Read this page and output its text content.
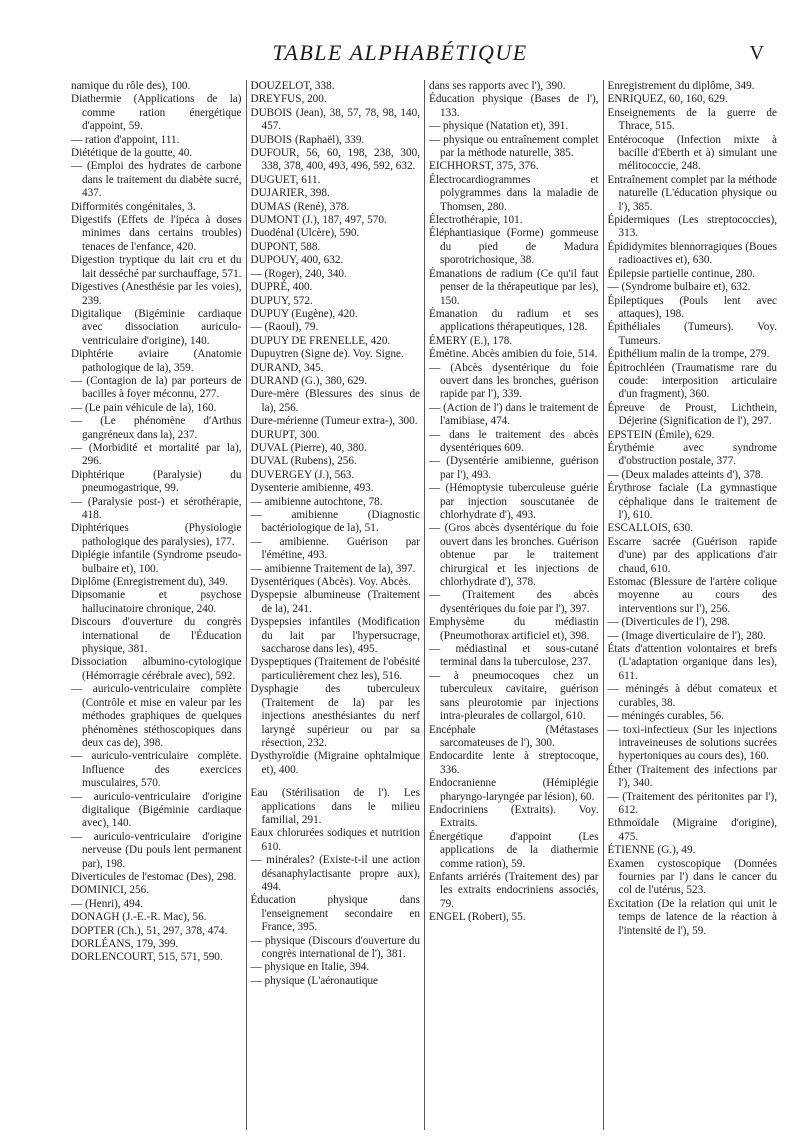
TABLE ALPHABÉTIQUE	V

namique du rôle des), 100.

Diathermie (Applications de la) comme ration énergétique d'appoint, 59.

— ration d'appoint, 111.

Diététique de la goutte, 40.

— (Emploi des hydrates de carbone dans le traitement du diabète sucré, 437.

Difformités congénitales, 3.

Digestifs (Effets de l'ipéca à doses minimes dans certains troubles) tenaces de l'enfance, 420.

Digestion tryptique du lait cru et du lait desséché par surchauffage, 571.

Digestives (Anesthésie par les voies), 239.

Digitalique (Bigéminie cardiaque avec dissociation auriculo-ventriculaire d'origine), 140.

Diphtérie aviaire (Anatomie pathologique de la), 359.

— (Contagion de la) par porteurs de bacilles à foyer méconnu, 277.

— (Le pain véhicule de la), 160.

— (Le phénomène d'Arthus gangréneux dans la), 237.

— (Morbidité et mortalité par la), 296.

Diphtérique (Paralysie) du pneumogastrique, 99.

— (Paralysie post-) et sérothérapie, 418.

Diphtériques (Physiologie pathologique des paralysies), 177.

Diplégie infantile (Syndrome pseudo-bulbaire et), 100.

Diplôme (Enregistrement du), 349.

Dipsomanie et psychose hallucinatoire chronique, 240.

Discours d'ouverture du congrès international de l'Éducation physique, 381.

Dissociation albumino-cytologique (Hémorragie cérébrale avec), 592.

— auriculo-ventriculaire complète (Contrôle et mise en valeur par les méthodes graphiques de quelques phénomènes stéthoscopiques dans deux cas de), 398.

— auriculo-ventriculaire complète. Influence des exercices musculaires, 570.

— auriculo-ventriculaire d'origine digitalique (Bigéminie cardiaque avec), 140.

— auriculo-ventriculaire d'origine nerveuse (Du pouls lent permanent par), 198.

Diverticules de l'estomac (Des), 298.

DOMINICI, 256.

— (Henri), 494.

DONAGH (J.-E.-R. Mac), 56.

DOPTER (Ch.), 51, 297, 378, 474.

DORLÉANS, 179, 399.

DORLENCOURT, 515, 571, 590.

DOUZELOT, 338.

DREYFUS, 200.

DUBOIS (Jean), 38, 57, 78, 98, 140, 457.

DUBOIS (Raphaël), 339.

DUFOUR, 56, 60, 198, 238, 300, 338, 378, 400, 493, 496, 592, 632.

DUGUET, 611.

DUJARIER, 398.

DUMAS (René), 378.

DUMONT (J.), 187, 497, 570.

Duodénal (Ulcère), 590.

DUPONT, 588.

DUPOUY, 400, 632.

— (Roger), 240, 340.

DUPRÉ, 400.

DUPUY, 572.

DUPUY (Eugène), 420.

— (Raoul), 79.

DUPUY DE FRENELLE, 420.

Dupuytren (Signe de). Voy. Signe.

DURAND, 345.

DURAND (G.), 380, 629.

Dure-mère (Blessures des sinus de la), 256.

Dure-mérienne (Tumeur extra-), 300.

DURUPT, 300.

DUVAL (Pierre), 40, 380.

DUVAL (Rubens), 256.

DUVERGEY (J.), 563.

Dysenterie amibienne, 493.

— amibienne autochtone, 78.

— amibienne (Diagnostic bactériologique de la), 51.

— amibienne. Guérison par l'émétine, 493.

— amibienne Traitement de la), 397.

Dysentériques (Abcès). Voy. Abcès.

Dyspepsie albumineuse (Traitement de la), 241.

Dyspepsies infantiles (Modification du lait par l'hypersucrage, saccharose dans les), 495.

Dyspeptiques (Traitement de l'obésité particulièrement chez les), 516.

Dysphagie des tuberculeux (Traitement de la) par les injections anesthésiantes du nerf laryngé supérieur ou par sa résection, 232.

Dysthyroïdie (Migraine ophtalmique et), 400.

Eau (Stérilisation de l'). Les applications dans le milieu familial, 291.

Eaux chlorurées sodiques et nutrition 610.

— minérales? (Existe-t-il une action désanaphylactisante propre aux), 494.

Éducation physique dans l'enseignement secondaire en France, 395.

— physique (Discours d'ouverture du congrès international de l'), 381.

— physique en Italie, 394.

— physique (L'aéronautique

dans ses rapports avec l'), 390.

Éducation physique (Bases de l'), 133.

— physique (Natation et), 391.

— physique ou entraînement complet par la méthode naturelle, 385.

EICHHORST, 375, 376.

Électrocardiogrammes et polygrammes dans la maladie de Thomsen, 280.

Électrothérapie, 101.

Éléphantiasique (Forme) gommeuse du pied de Madura sporotrichosique, 38.

Émanations de radium (Ce qu'il faut penser de la thérapeutique par les), 150.

Émanation du radium et ses applications thérapeutiques, 128.

ÉMERY (E.), 178.

Émétine. Abcès amibien du foie, 514.

— (Abcès dysentérique du foie ouvert dans les bronches, guérison rapide par l'), 339.

— (Action de l') dans le traitement de l'amibiase, 474.

— dans le traitement des abcès dysentériques 609.

— (Dysentérie amibienne, guérison par l'), 493.

— (Hémoptysie tuberculeuse guérie par injection souscutanée de chlorhydrate d'), 493.

— (Gros abcès dysentérique du foie ouvert dans les bronches. Guérison obtenue par le traitement chirurgical et les injections de chlorhydrate d'), 378.

— (Traitement des abcès dysentériques du foie par l'), 397.

Emphysème du médiastin (Pneumothorax artificiel et), 398.

— médiastinal et sous-cutané terminal dans la tuberculose, 237.

— à pneumocoques chez un tuberculeux cavitaire, guérison sans pleurotomie par injections intra-pleurales de collargol, 610.

Encéphale (Métastases sarcomateuses de l'), 300.

Endocardite lente à streptocoque, 336.

Endocranienne (Hémiplégie pharyngo-laryngée par lésion), 60.

Endocriniens (Extraits). Voy. Extraits.

Énergétique d'appoint (Les applications de la diathermie comme ration), 59.

Enfants arriérés (Traitement des) par les extraits endocriniens associés, 79.

ENGEL (Robert), 55.

Enregistrement du diplôme, 349.

ENRIQUEZ, 60, 160, 629.

Enseignements de la guerre de Thrace, 515.

Entérocoque (Infection mixte à bacille d'Eberth et à) simulant une mélitococcie, 248.

Entraînement complet par la méthode naturelle (L'éducation physique ou l'), 385.

Épidermiques (Les streptococcies), 313.

Épididymites blennorragiques (Boues radioactives et), 630.

Épilepsie partielle continue, 280.

— (Syndrome bulbaire et), 632.

Épileptiques (Pouls lent avec attaques), 198.

Épithéliales (Tumeurs). Voy. Tumeurs.

Épithélium malin de la trompe, 279.

Épitrochléen (Traumatisme rare du coude: interposition articulaire d'un fragment), 360.

Épreuve de Proust, Lichthein, Déjerine (Signification de l'), 297.

EPSTEIN (Émile), 629.

Érythémie avec syndrome d'obstruction postale, 377.

— (Deux malades atteints d'), 378.

Érythrose faciale (La gymnastique céphalique dans le traitement de l'), 610.

ESCALLOIS, 630.

Escarre sacrée (Guérison rapide d'une) par des applications d'air chaud, 610.

Estomac (Blessure de l'artère colique moyenne au cours des interventions sur l'), 256.

— (Diverticules de l'), 298.

— (Image diverticulaire de l'), 280.

États d'attention volontaires et brefs (L'adaptation organique dans les), 611.

— méningés à début comateux et curables, 38.

— méningés curables, 56.

— toxi-infectieux (Sur les injections intraveineuses de solutions sucrées hypertoniques au cours des), 160.

Éther (Traitement des infections par l'), 340.

— (Traitement des péritonites par l'), 612.

Ethmoïdale (Migraine d'origine), 475.

ÉTIENNE (G.), 49.

Examen cystoscopique (Données fournies par l') dans le cancer du col de l'utérus, 523.

Excitation (De la relation qui unit le temps de latence de la réaction à l'intensité de l'), 59.
